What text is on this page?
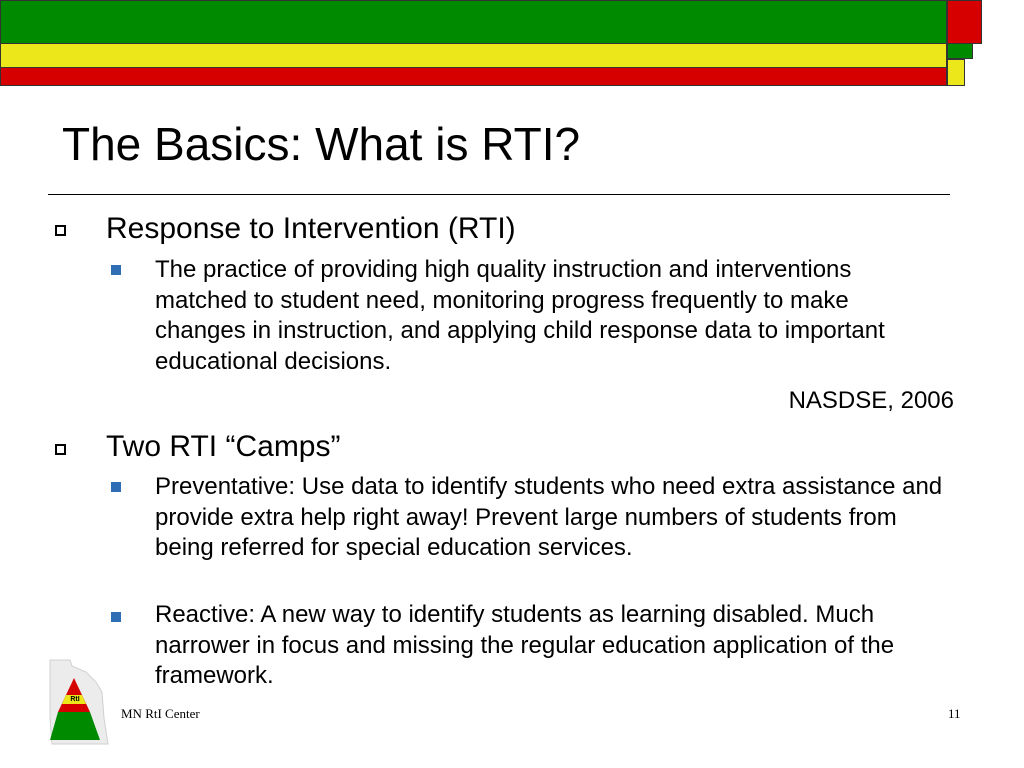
The Basics: What is RTI?
Response to Intervention (RTI)
The practice of providing high quality instruction and interventions matched to student need, monitoring progress frequently to make changes in instruction, and applying child response data to important educational decisions.
NASDSE, 2006
Two RTI “Camps”
Preventative: Use data to identify students who need extra assistance and provide extra help right away! Prevent large numbers of students from being referred for special education services.
Reactive: A new way to identify students as learning disabled. Much narrower in focus and missing the regular education application of the framework.
RtI
MN RtI Center	11
